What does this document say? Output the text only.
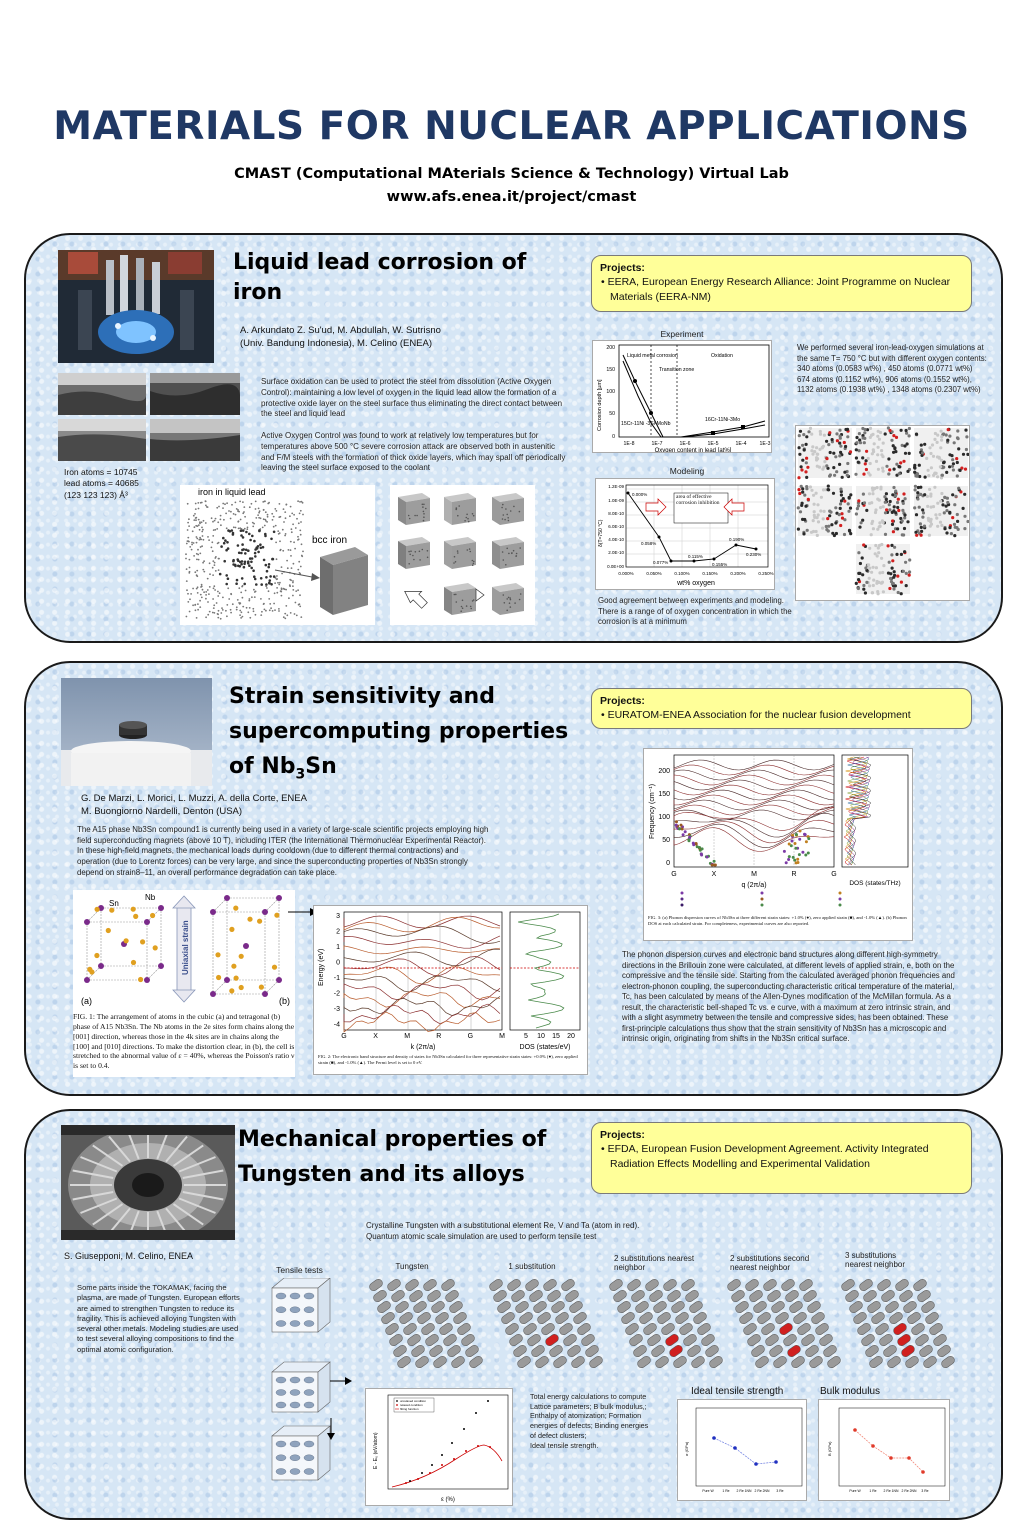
MATERIALS FOR NUCLEAR APPLICATIONS
CMAST (Computational MAterials Science & Technology) Virtual Lab
www.afs.enea.it/project/cmast
Liquid lead corrosion of
iron
A. Arkundato Z. Su'ud, M. Abdullah, W. Sutrisno
(Univ. Bandung Indonesia), M. Celino (ENEA)
Surface oxidation can be used to protect the steel from dissolution (Active Oxygen Control): maintaining a low level of oxygen in the liquid lead allow the formation of a protective oxide layer on the steel surface thus eliminating the direct contact between the steel and liquid lead
Active Oxygen Control was found to work at relatively low temperatures but for temperatures above 500 °C severe corrosion attack are observed both in austenitic and F/M steels with the formation of thick oxide layers, which may spall off periodically leaving the steel surface exposed to the coolant
Iron atoms = 10745
lead atoms = 40685
(123 123 123) Å³	iron in liquid lead
bcc iron
Projects:
• EERA, European Energy Research Alliance: Joint Programme on Nuclear Materials (EERA-NM)
Experiment
200
150
100
50
0
1E-8	1E-7	1E-6	1E-5	1E-4	1E-3
Oxygen content in lead [at%]
Corrosion depth [µm]
Liquid metal corrosion
Transition zone
Oxidation
15Cr-11Ni -3Si-MoNb
16Cr-11Ni-3Mo
Modeling
area of effective corrosion inhibition
1.2E-09
1.0E-09
8.0E-10
6.0E-10
4.0E-10
2.0E-10
0.0E+00
0.000%	0.050%	0.100%	0.150%	0.200%	0.250%
0.000%
0.058%
0.077%
0.115%
0.155%
0.190%
0.230%
wt% oxygen
δ(T=750 °C)
Good agreement between experiments and modeling. There is a range of of oxygen concentration in which the corrosion is at a minimum
We performed several iron-lead-oxygen simulations at the same T= 750 °C but with different oxygen contents:
340 atoms (0.0583 wt%) , 450 atoms (0.0771 wt%)
674 atoms (0.1152 wt%), 906 atoms (0.1552 wt%),
1132 atoms (0.1938 wt%) , 1348 atoms (0.2307 wt%)
Strain sensitivity and
supercomputing properties
of $Nb_3Sn$
G. De Marzi, L. Morici, L. Muzzi, A. della Corte, ENEA
M. Buongiorno Nardelli, Denton (USA)
The A15 phase Nb3Sn compound1 is currently being used in a variety of large-scale scientific projects employing high field superconducting magnets (above 10 T), including ITER (the International Thermonuclear Experimental Reactor). In these high-field magnets, the mechanical loads during cooldown (due to different thermal contractions) and operation (due to Lorentz forces) can be very large, and since the superconducting properties of Nb3Sn strongly depend on strain8–11, an overall performance degradation can take place.
Uniaxial strain
Sn
Nb
(a)	(b)
FIG. 1: The arrangement of atoms in the cubic (a) and tetragonal (b) phase of A15 Nb3Sn. The Nb atoms in the 2e sites form chains along the [001] direction, whereas those in the 4k sites are in chains along the [100] and [010] directions. To make the distortion clear, in (b), the cell is stretched to the abnormal value of ε = 40%, whereas the Poisson's ratio ν is set to 0.4.
G	X	M	R	G	M
3
2
1
0
-1
-2
-3
-4
5 10 15 20
Energy (eV)
k (2π/a)	DOS (states/eV)
FIG. 2: The electronic band structure and density of states for Nb3Sn calculated for three representative strain states: +0.0% (●), zero applied strain (■), and -1.0% (▲). The Fermi level is set to 0 eV.
Projects:
• EURATOM-ENEA Association for the nuclear fusion development
G	X	M	R	G
200
150
100
50
0
Frequency (cm⁻¹)
q (2π/a)	DOS (states/THz)
FIG. 3: (a) Phonon dispersion curves of Nb3Sn at three different strain states: +1.0% (●), zero applied strain (■), and -1.0% (▲). (b) Phonon DOS at each calculated strain. For completeness, experimental curves are also reported.
The phonon dispersion curves and electronic band structures along different high-symmetry directions in the Brillouin zone were calculated, at different levels of applied strain, e, both on the compressive and the tensile side. Starting from the calculated averaged phonon frequencies and electron-phonon coupling, the superconducting characteristic critical temperature of the material, Tc, has been calculated by means of the Allen-Dynes modification of the McMillan formula. As a result, the characteristic bell-shaped Tc vs. e curve, with a maximum at zero intrinsic strain, and with a slight asymmetry between the tensile and compressive sides, has been obtained. These first-principle calculations thus show that the strain sensitivity of Nb3Sn has a microscopic and intrinsic origin, originating from shifts in the Nb3Sn critical surface.
Mechanical properties of
Tungsten and its alloys
Projects:
• EFDA, European Fusion Development Agreement. Activity Integrated Radiation Effects Modelling and Experimental Validation
Crystalline Tungsten with a substitutional element Re, V and Ta (atom in red). Quantum atomic scale simulation are used to perform tensile test
S. Giusepponi, M. Celino, ENEA
Some parts inside the TOKAMAK, facing the plasma, are made of Tungsten. European efforts are aimed to strengthen Tungsten to reduce its fragility. This is achieved alloying Tungsten with several other metals. Modeling studies are used to test several alloying compositions to find the optimal atomic configuration.
Tensile tests	Tungsten	1 substitution
2 substitutions nearest neighbor
2 substitutions second nearest neighbor
3 substitutions nearest neighbor
unrelaxed condition
relaxed condition
fitting function
ε (%)
E - E₀ (eV/atom)
Total energy calculations to compute Lattice parameters; B bulk modulus,; Enthalpy of atomization; Formation energies of defects; Binding energies of defect clusters;
Ideal tensile strength.
Ideal tensile strength	Bulk modulus
Pure W	1 Re 2 Re 1NN 2 Re 2NN 3 Re
σ (GPa)
Pure W	1 Re 2 Re 1NN 2 Re 2NN 3 Re
B (GPa)
